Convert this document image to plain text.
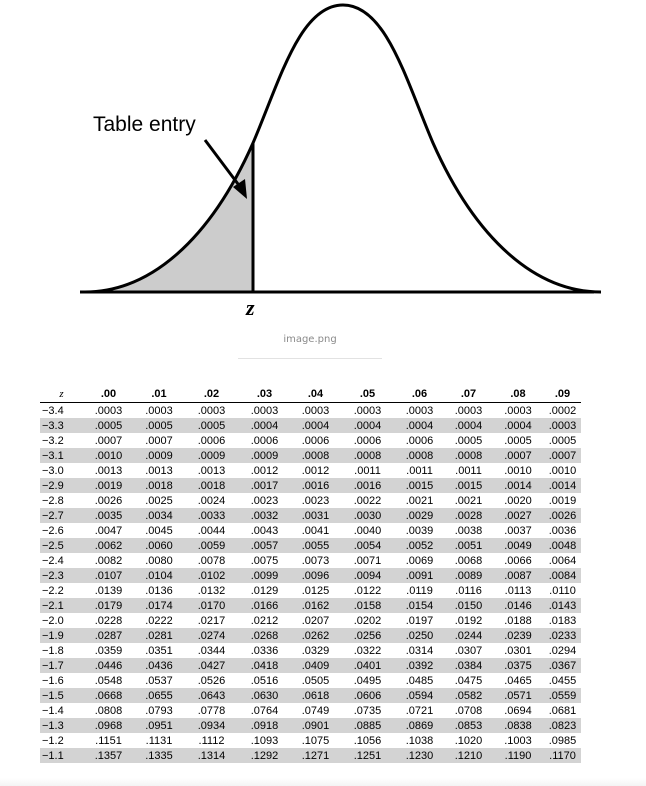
Table entry
z
image.png
z	.00	.01	.02	.03	.04	.05	.06	.07	.08	.09
−3.4	.0003	.0003	.0003	.0003	.0003	.0003	.0003	.0003	.0003	.0002
−3.3	.0005	.0005	.0005	.0004	.0004	.0004	.0004	.0004	.0004	.0003
−3.2	.0007	.0007	.0006	.0006	.0006	.0006	.0006	.0005	.0005	.0005
−3.1	.0010	.0009	.0009	.0009	.0008	.0008	.0008	.0008	.0007	.0007
−3.0	.0013	.0013	.0013	.0012	.0012	.0011	.0011	.0011	.0010	.0010
−2.9	.0019	.0018	.0018	.0017	.0016	.0016	.0015	.0015	.0014	.0014
−2.8	.0026	.0025	.0024	.0023	.0023	.0022	.0021	.0021	.0020	.0019
−2.7	.0035	.0034	.0033	.0032	.0031	.0030	.0029	.0028	.0027	.0026
−2.6	.0047	.0045	.0044	.0043	.0041	.0040	.0039	.0038	.0037	.0036
−2.5	.0062	.0060	.0059	.0057	.0055	.0054	.0052	.0051	.0049	.0048
−2.4	.0082	.0080	.0078	.0075	.0073	.0071	.0069	.0068	.0066	.0064
−2.3	.0107	.0104	.0102	.0099	.0096	.0094	.0091	.0089	.0087	.0084
−2.2	.0139	.0136	.0132	.0129	.0125	.0122	.0119	.0116	.0113	.0110
−2.1	.0179	.0174	.0170	.0166	.0162	.0158	.0154	.0150	.0146	.0143
−2.0	.0228	.0222	.0217	.0212	.0207	.0202	.0197	.0192	.0188	.0183
−1.9	.0287	.0281	.0274	.0268	.0262	.0256	.0250	.0244	.0239	.0233
−1.8	.0359	.0351	.0344	.0336	.0329	.0322	.0314	.0307	.0301	.0294
−1.7	.0446	.0436	.0427	.0418	.0409	.0401	.0392	.0384	.0375	.0367
−1.6	.0548	.0537	.0526	.0516	.0505	.0495	.0485	.0475	.0465	.0455
−1.5	.0668	.0655	.0643	.0630	.0618	.0606	.0594	.0582	.0571	.0559
−1.4	.0808	.0793	.0778	.0764	.0749	.0735	.0721	.0708	.0694	.0681
−1.3	.0968	.0951	.0934	.0918	.0901	.0885	.0869	.0853	.0838	.0823
−1.2	.1151	.1131	.1112	.1093	.1075	.1056	.1038	.1020	.1003	.0985
−1.1	.1357	.1335	.1314	.1292	.1271	.1251	.1230	.1210	.1190	.1170
